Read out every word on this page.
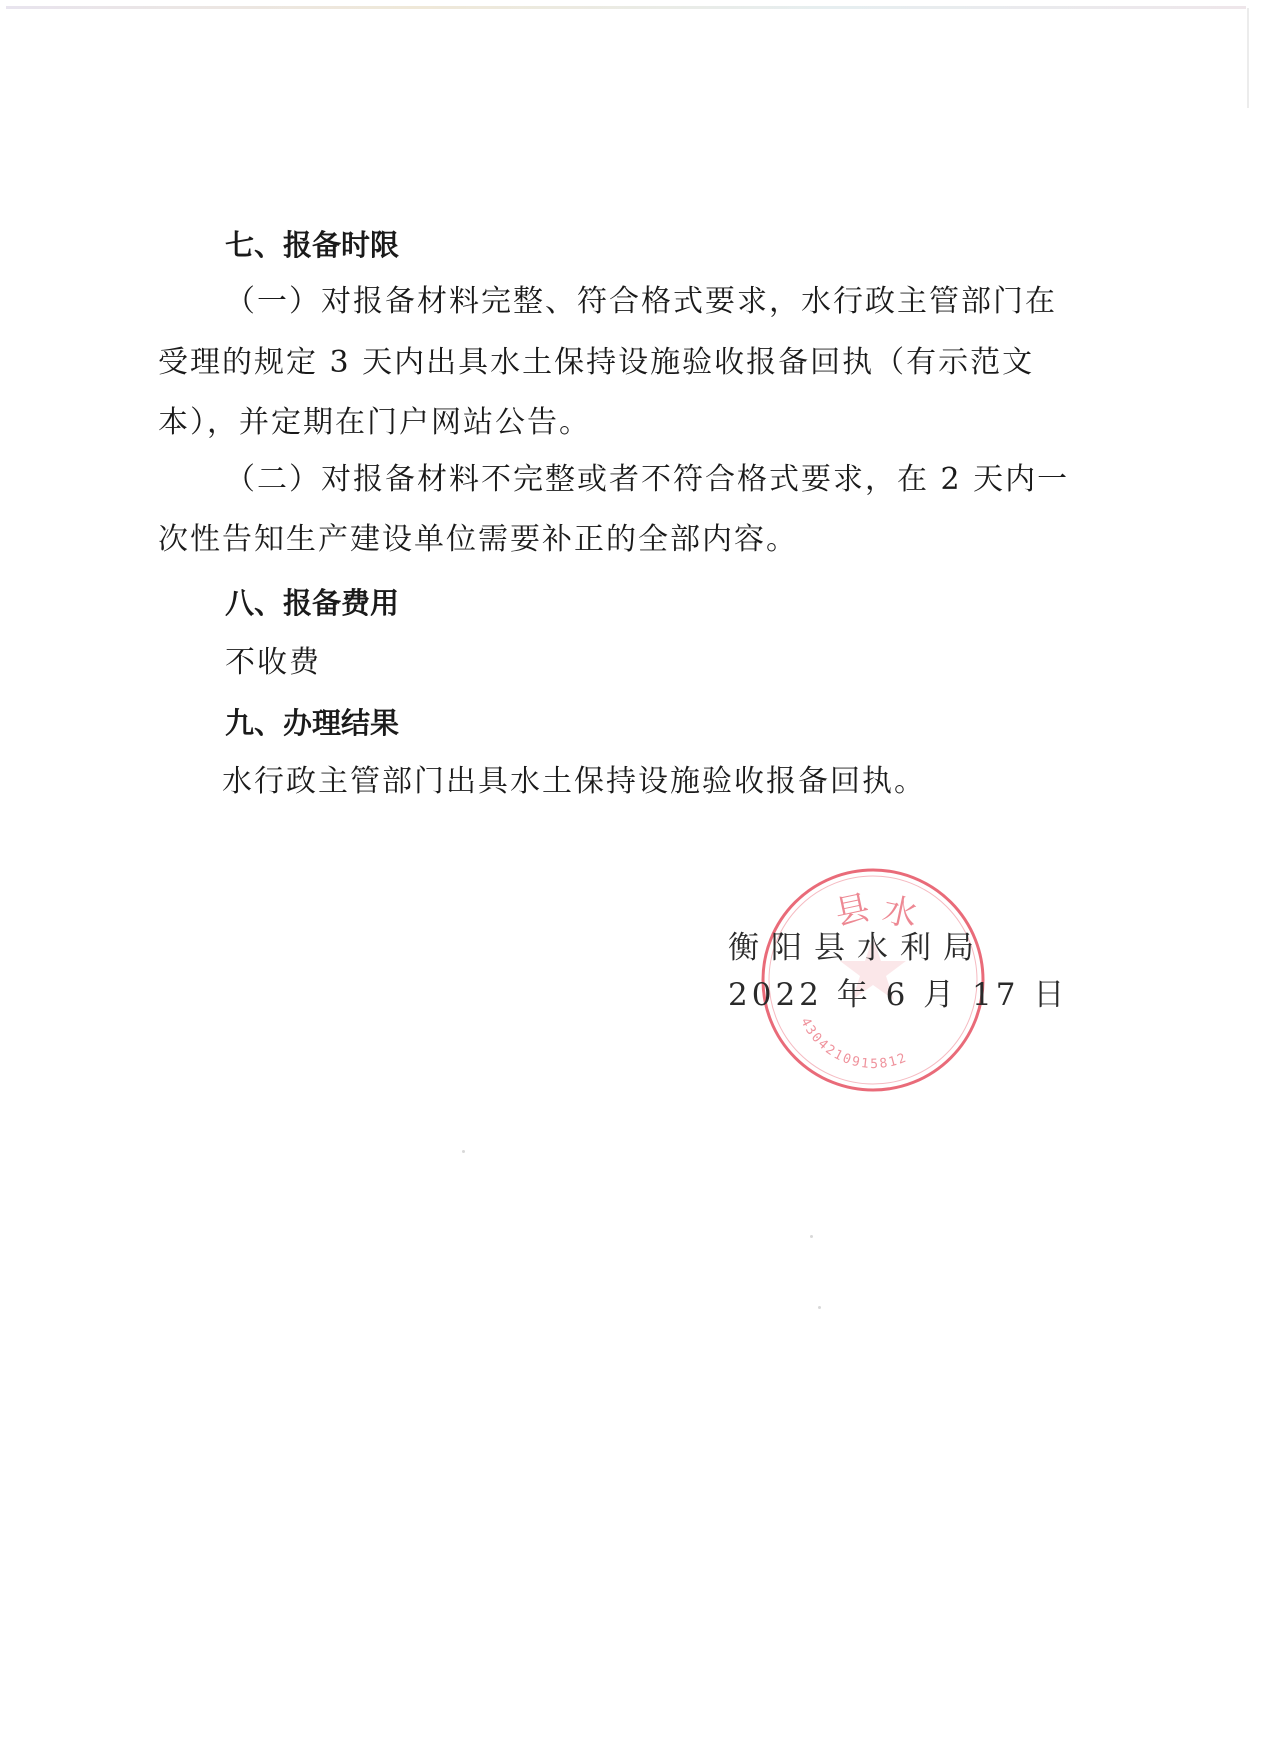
七、报备时限
（一）对报备材料完整、符合格式要求，水行政主管部门在
受理的规定 3 天内出具水土保持设施验收报备回执（有示范文
本），并定期在门户网站公告。
（二）对报备材料不完整或者不符合格式要求，在 2 天内一
次性告知生产建设单位需要补正的全部内容。
八、报备费用
不收费
九、办理结果
水行政主管部门出具水土保持设施验收报备回执。
县 水
4304210915812
衡阳县水利局
2022 年 6 月 17 日
